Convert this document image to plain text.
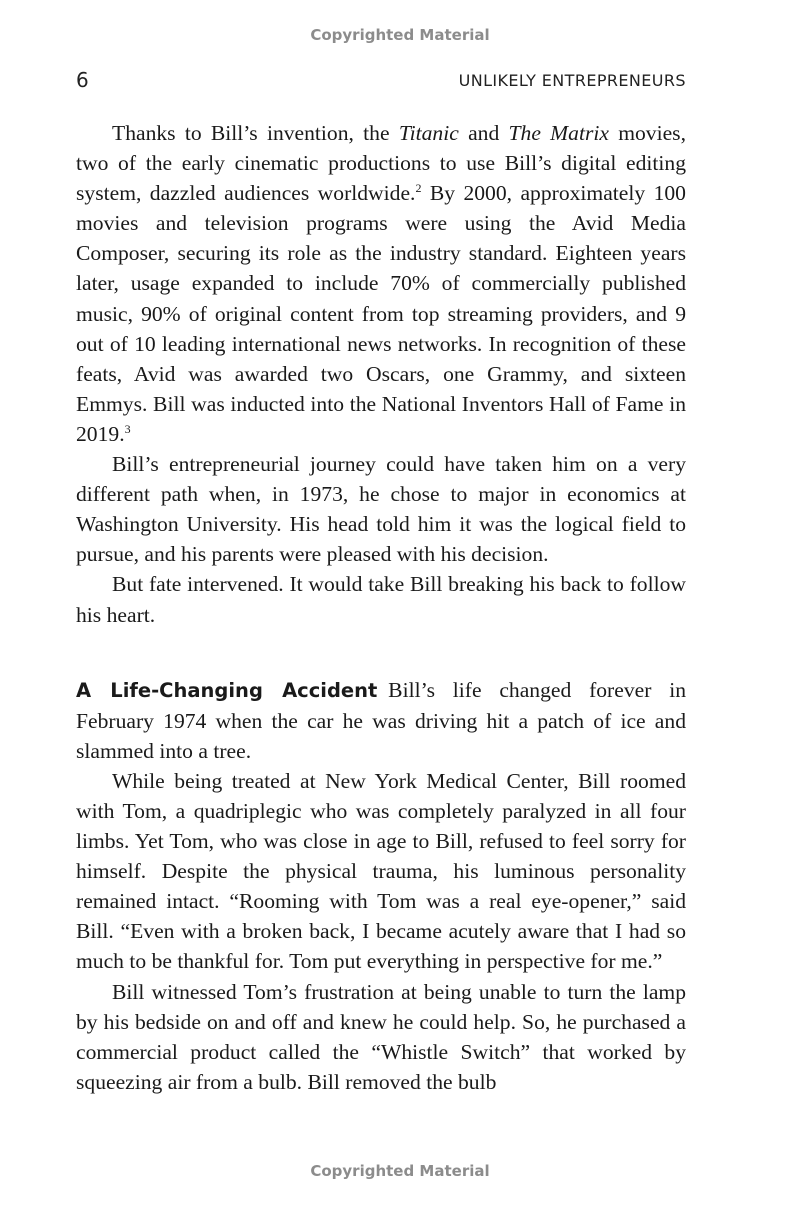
Copyrighted Material
6	UNLIKELY ENTREPRENEURS

Thanks to Bill’s invention, the Titanic and The Matrix movies, two of the early cinematic productions to use Bill’s digital editing system, dazzled audiences worldwide.$^2$ By 2000, approximately 100 movies and television programs were using the Avid Media Composer, securing its role as the industry standard. Eighteen years later, usage expanded to include 70% of commercially published music, 90% of original content from top streaming providers, and 9 out of 10 leading international news networks. In recognition of these feats, Avid was awarded two Oscars, one Grammy, and sixteen Emmys. Bill was inducted into the National Inventors Hall of Fame in 2019.$^3$

Bill’s entrepreneurial journey could have taken him on a very different path when, in 1973, he chose to major in economics at Washington University. His head told him it was the logical field to pursue, and his parents were pleased with his decision.

But fate intervened. It would take Bill breaking his back to follow his heart.

A Life-Changing Accident  Bill’s life changed forever in February 1974 when the car he was driving hit a patch of ice and slammed into a tree.

While being treated at New York Medical Center, Bill roomed with Tom, a quadriplegic who was completely paralyzed in all four limbs. Yet Tom, who was close in age to Bill, refused to feel sorry for himself. Despite the physical trauma, his luminous personality remained intact. “Rooming with Tom was a real eye-opener,” said Bill. “Even with a broken back, I became acutely aware that I had so much to be thankful for. Tom put everything in perspective for me.”

Bill witnessed Tom’s frustration at being unable to turn the lamp by his bedside on and off and knew he could help. So, he purchased a commercial product called the “Whistle Switch” that worked by squeezing air from a bulb. Bill removed the bulb

Copyrighted Material
